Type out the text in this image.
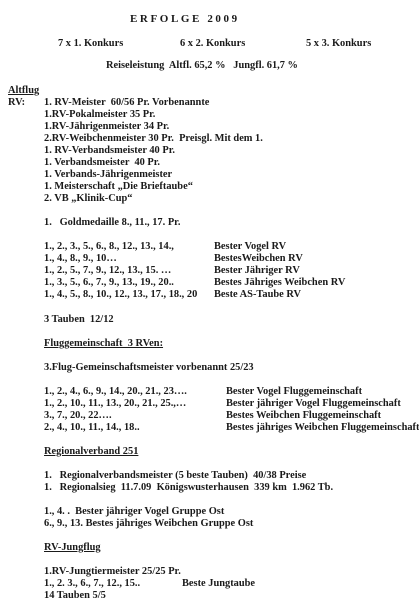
ERFOLGE 2009
7 x 1. Konkurs	6 x 2. Konkurs	5 x 3. Konkurs
Reiseleistung  Altfl. 65,2 %   Jungfl. 61,7 %
Altflug
RV: 1. RV-Meister  60/56 Pr. Vorbenannte
1.RV-Pokalmeister 35 Pr.
1.RV-Jährigenmeister 34 Pr.
2.RV-Weibchenmeister 30 Pr.  Preisgl. Mit dem 1.
1. RV-Verbandsmeister 40 Pr.
1. Verbandsmeister  40 Pr.
1. Verbands-Jährigenmeister
1. Meisterschaft „Die Brieftaube“
2. VB „Klinik-Cup“
1.   Goldmedaille 8., 11., 17. Pr.
1., 2., 3., 5., 6., 8., 12., 13., 14.,	Bester Vogel RV
1., 4., 8., 9., 10…	BestesWeibchen RV
1., 2., 5., 7., 9., 12., 13., 15. …	Bester Jähriger RV
1., 3., 5., 6., 7., 9., 13., 19., 20..	Bestes Jähriges Weibchen RV
1., 4., 5., 8., 10., 12., 13., 17., 18., 20 Beste AS-Taube RV
3 Tauben  12/12
Fluggemeinschaft  3 RVen:
3.Flug-Gemeinschaftsmeister vorbenannt 25/23
1., 2., 4., 6., 9., 14., 20., 21., 23….	Bester Vogel Fluggemeinschaft
1., 2., 10., 11., 13., 20., 21., 25.,…	Bester jähriger Vogel Fluggemeinschaft
3., 7., 20., 22….	Bestes Weibchen Fluggemeinschaft
2., 4., 10., 11., 14., 18..	Bestes jähriges Weibchen Fluggemeinschaft
Regionalverband 251
1.   Regionalverbandsmeister (5 beste Tauben)  40/38 Preise
1.   Regionalsieg  11.7.09  Königswusterhausen  339 km  1.962 Tb.
1., 4. .  Bester jähriger Vogel Gruppe Ost
6., 9., 13. Bestes jähriges Weibchen Gruppe Ost
RV-Jungflug
1.RV-Jungtiermeister 25/25 Pr.
1., 2. 3., 6., 7., 12., 15..	Beste Jungtaube
14 Tauben 5/5
